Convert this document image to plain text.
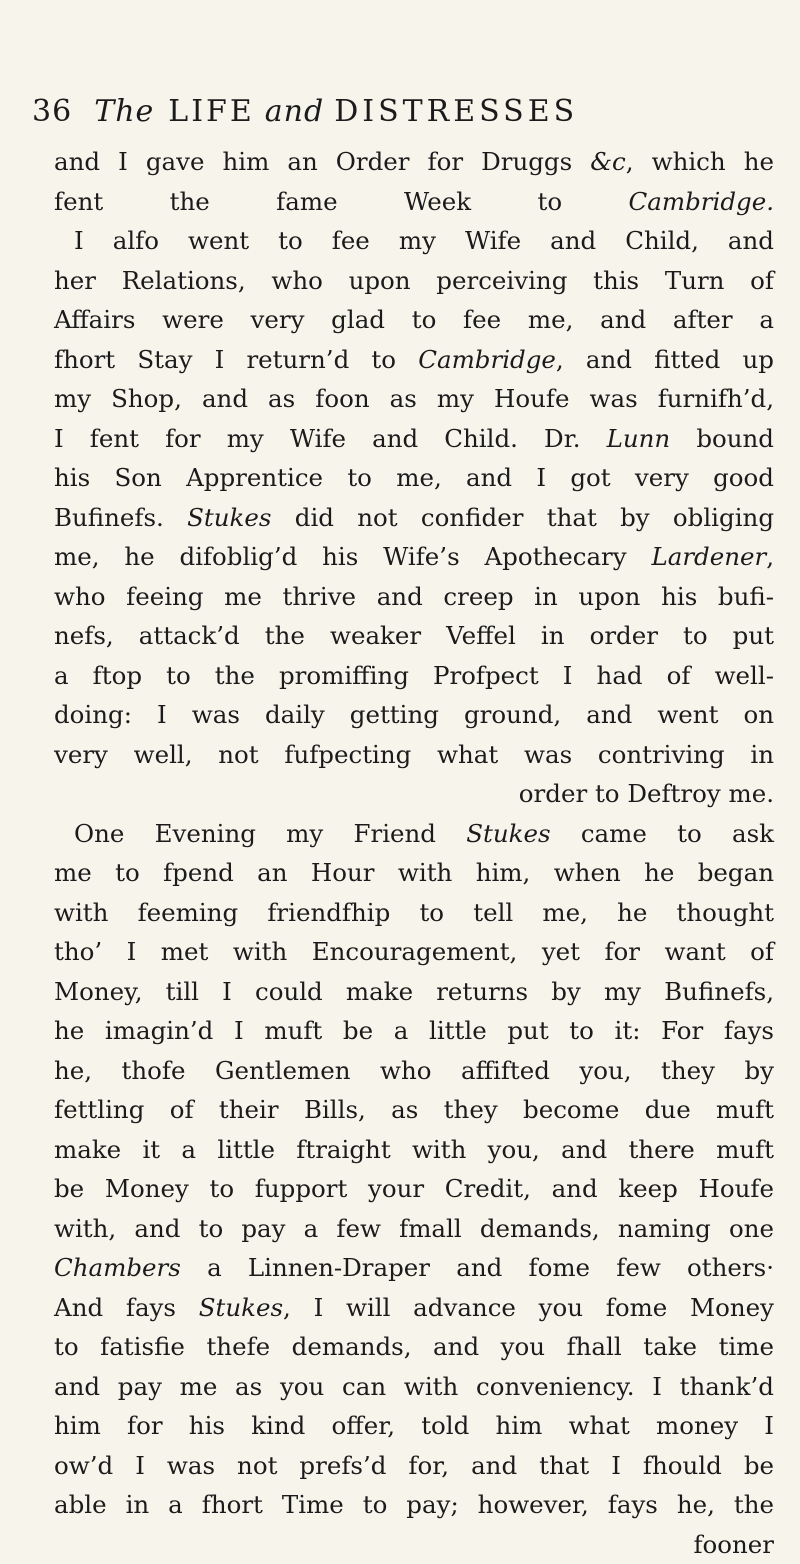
36 The LIFE and DISTRESSES
and I gave him an Order for Druggs &c, which he
fent the fame Week to Cambridge.
I alfo went to fee my Wife and Child, and
her Relations, who upon perceiving this Turn of
Affairs were very glad to fee me, and after a
fhort Stay I return’d to Cambridge, and fitted up
my Shop, and as foon as my Houfe was furnifh’d,
I fent for my Wife and Child. Dr. Lunn bound
his Son Apprentice to me, and I got very good
Bufinefs. Stukes did not confider that by obliging
me, he difoblig’d his Wife’s Apothecary Lardener,
who feeing me thrive and creep in upon his bufi-
nefs, attack’d the weaker Veffel in order to put
a ftop to the promiffing Profpect I had of well-
doing: I was daily getting ground, and went on
very well, not fufpecting what was contriving in
order to Deftroy me.
One Evening my Friend Stukes came to ask
me to fpend an Hour with him, when he began
with feeming friendfhip to tell me, he thought
tho’ I met with Encouragement, yet for want of
Money, till I could make returns by my Bufinefs,
he imagin’d I muft be a little put to it: For fays
he, thofe Gentlemen who affifted you, they by
fettling of their Bills, as they become due muft
make it a little ftraight with you, and there muft
be Money to fupport your Credit, and keep Houfe
with, and to pay a few fmall demands, naming one
Chambers a Linnen-Draper and fome few others·
And fays Stukes, I will advance you fome Money
to fatisfie thefe demands, and you fhall take time
and pay me as you can with conveniency. I thank’d
him for his kind offer, told him what money I
ow’d I was not prefs’d for, and that I fhould be
able in a fhort Time to pay; however, fays he, the
fooner
